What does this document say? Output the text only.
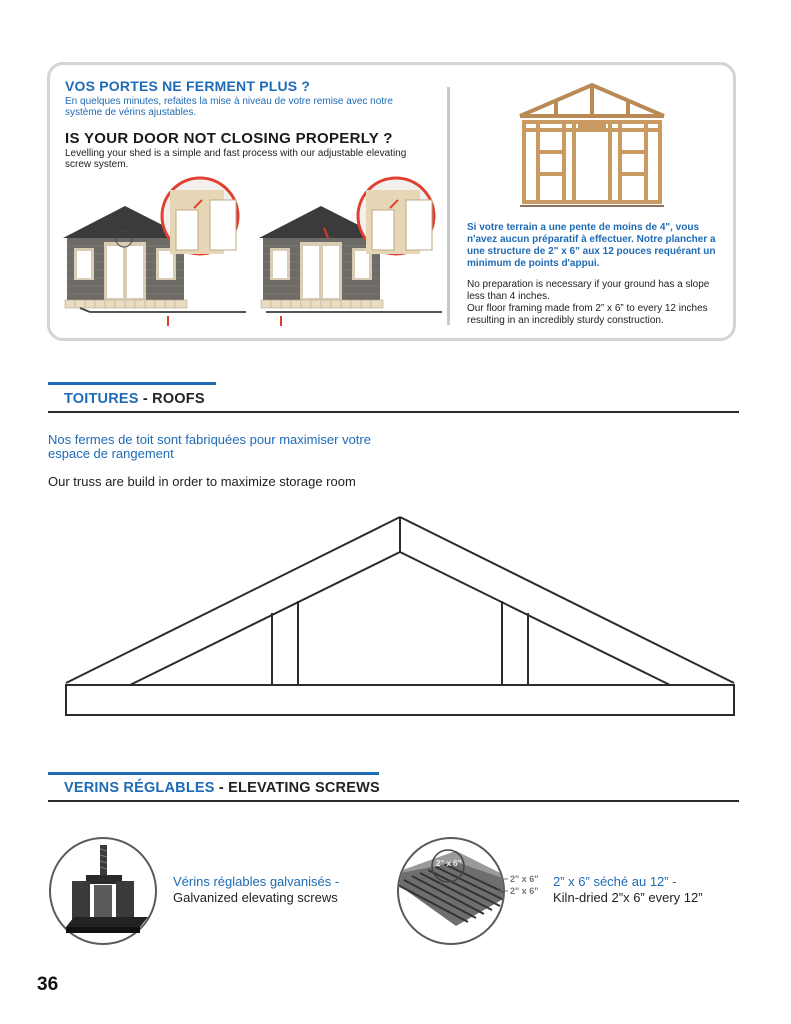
VOS PORTES NE FERMENT PLUS ?
En quelques minutes, refaites la mise à niveau de votre remise avec notre système de vérins ajustables.
IS YOUR DOOR NOT CLOSING PROPERLY ?
Levelling your shed is a simple and fast process with our adjustable elevating screw system.
Si votre terrain a une pente de moins de 4", vous n'avez aucun préparatif à effectuer. Notre plancher a une structure de 2" x 6" aux 12 pouces requérant un minimum de points d'appui.
No preparation is necessary if your ground has a slope less than 4 inches.
Our floor framing made from 2” x 6” to every 12 inches resulting in an incredibly sturdy construction.
TOITURES - ROOFS
Nos fermes de toit sont fabriquées pour maximiser votre espace de rangement
Our truss are build in order to maximize storage room
VERINS RÉGLABLES - ELEVATING SCREWS
Vérins réglables galvanisés -
Galvanized elevating screws
2" x 6"
2" x 6"
2" x 6"
2” x 6” séché au 12” -
Kiln-dried 2”x 6” every 12”
36
